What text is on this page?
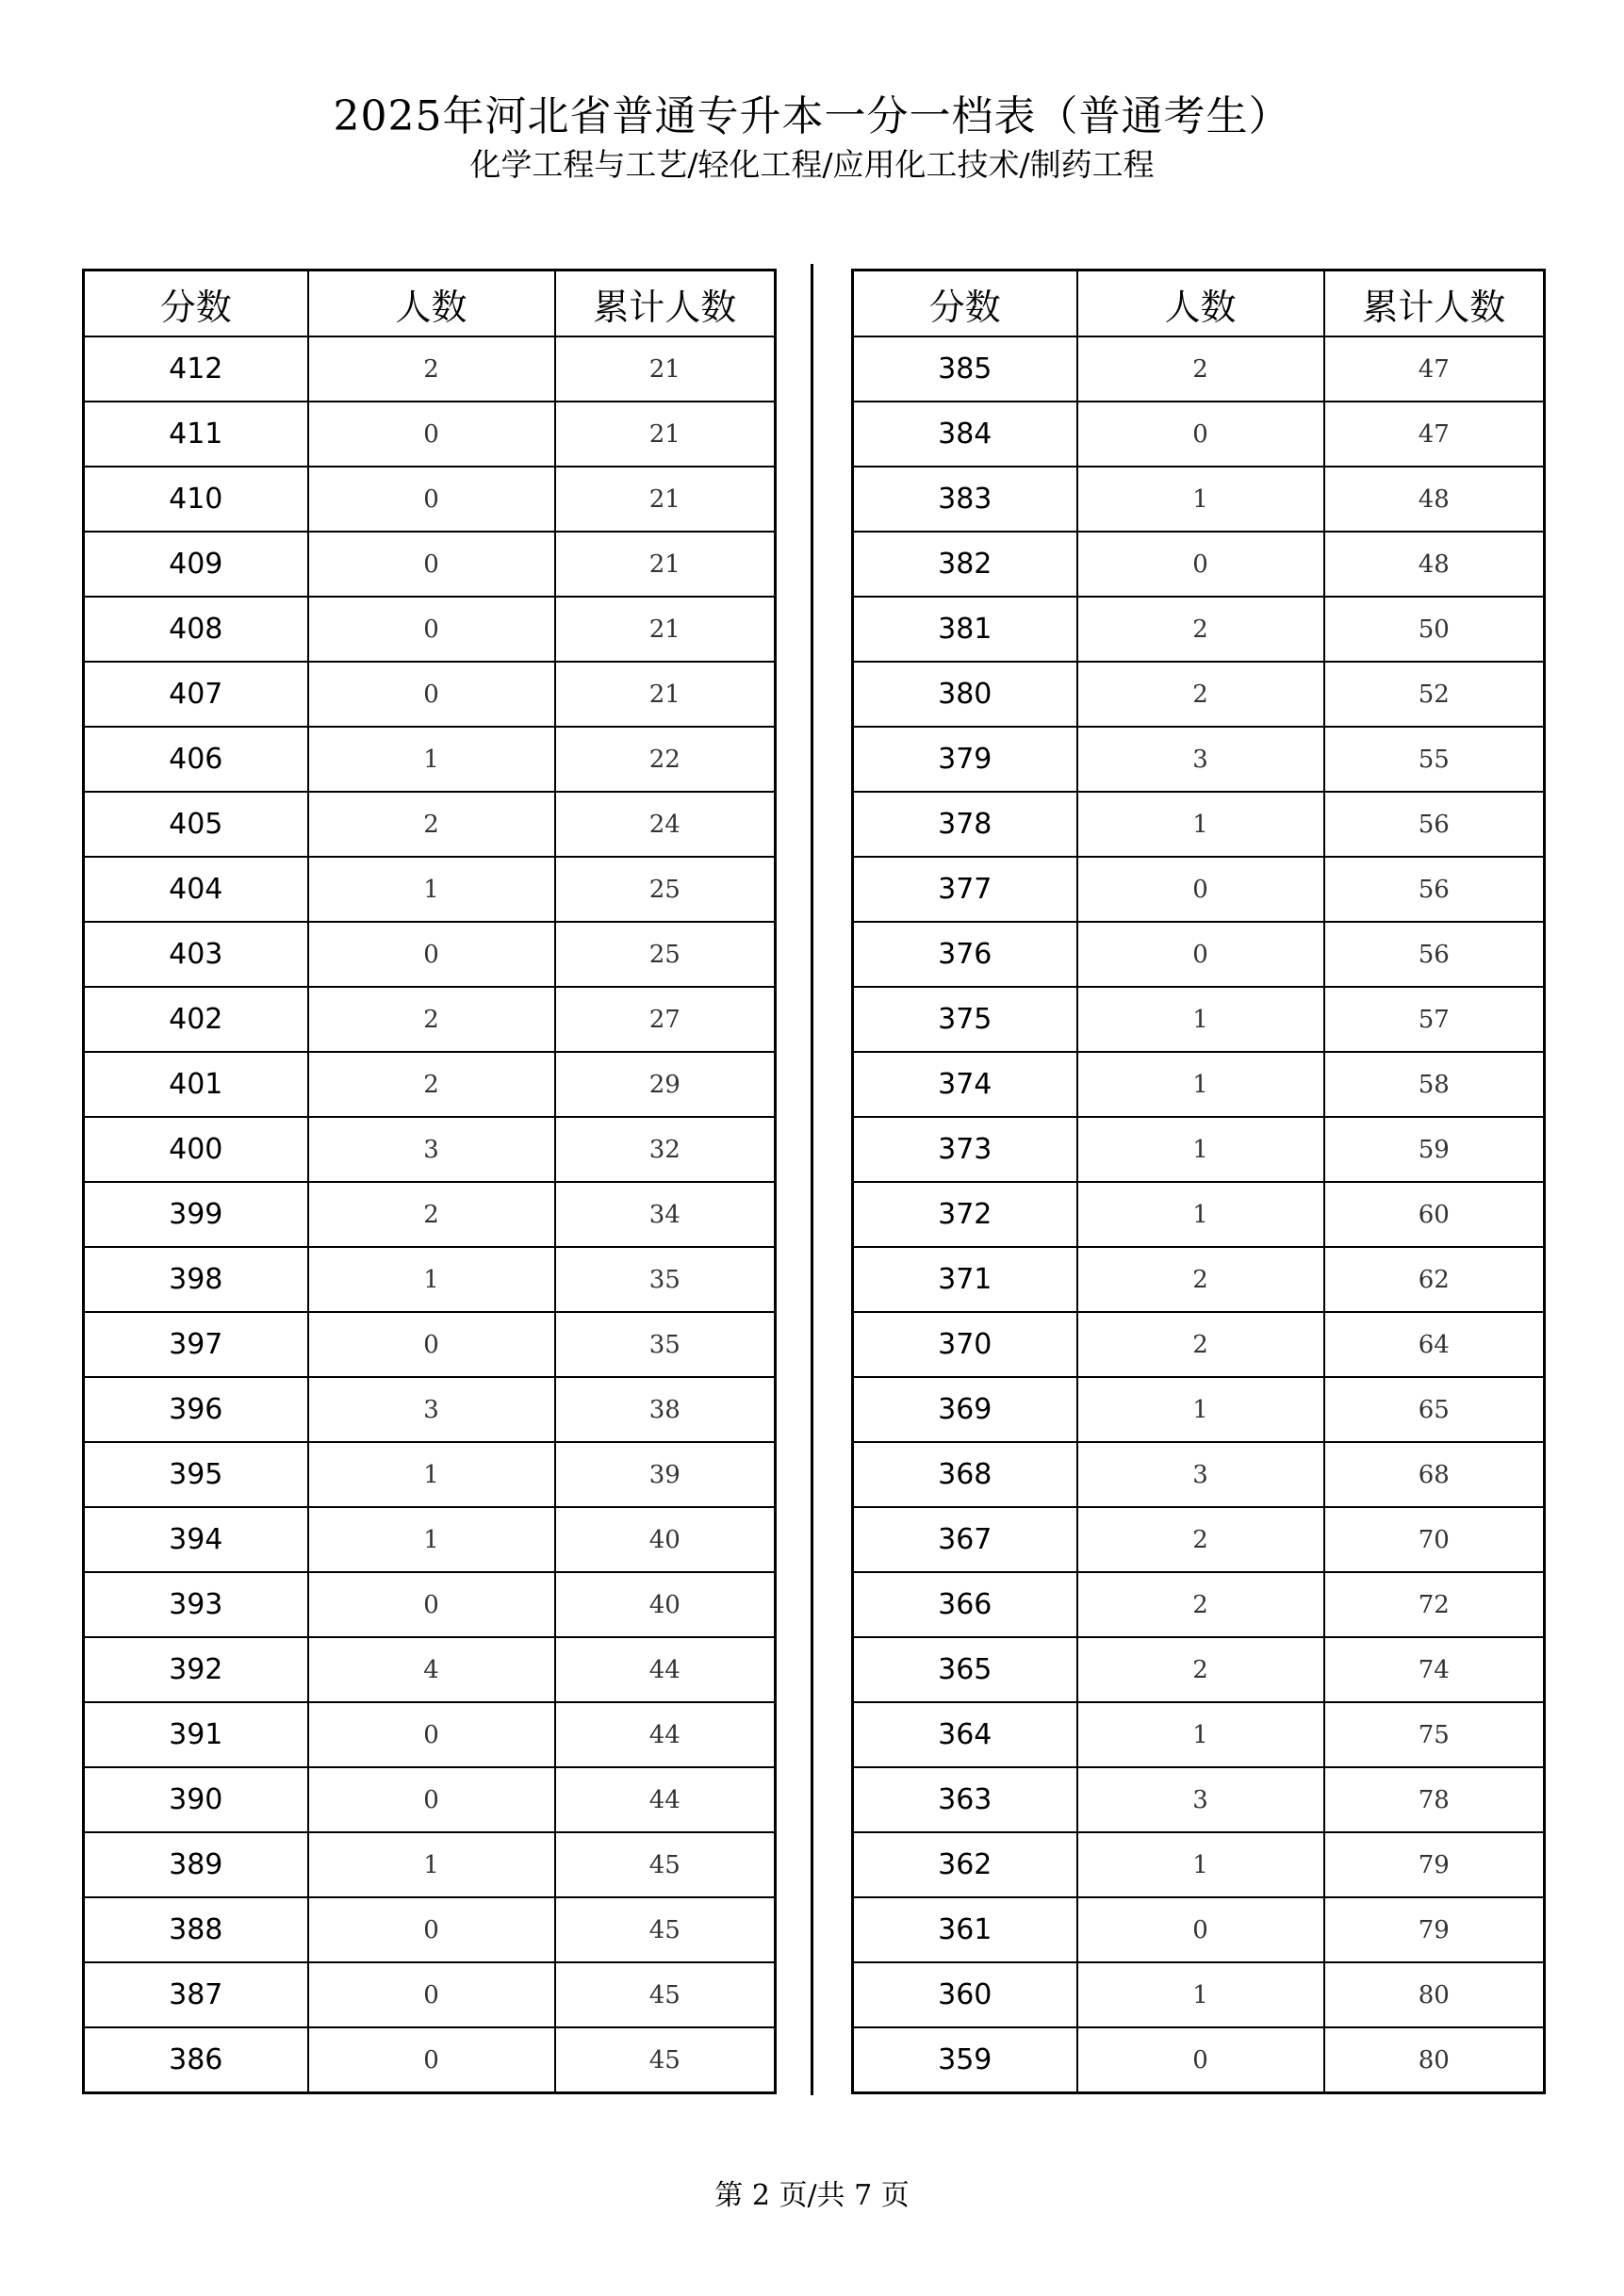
2025年河北省普通专升本一分一档表（普通考生）
化学工程与工艺/轻化工程/应用化工技术/制药工程
分数	人数	累计人数
412	2	21
411	0	21
410	0	21
409	0	21
408	0	21
407	0	21
406	1	22
405	2	24
404	1	25
403	0	25
402	2	27
401	2	29
400	3	32
399	2	34
398	1	35
397	0	35
396	3	38
395	1	39
394	1	40
393	0	40
392	4	44
391	0	44
390	0	44
389	1	45
388	0	45
387	0	45
386	0	45
分数	人数	累计人数
385	2	47
384	0	47
383	1	48
382	0	48
381	2	50
380	2	52
379	3	55
378	1	56
377	0	56
376	0	56
375	1	57
374	1	58
373	1	59
372	1	60
371	2	62
370	2	64
369	1	65
368	3	68
367	2	70
366	2	72
365	2	74
364	1	75
363	3	78
362	1	79
361	0	79
360	1	80
359	0	80
第 2 页/共 7 页
